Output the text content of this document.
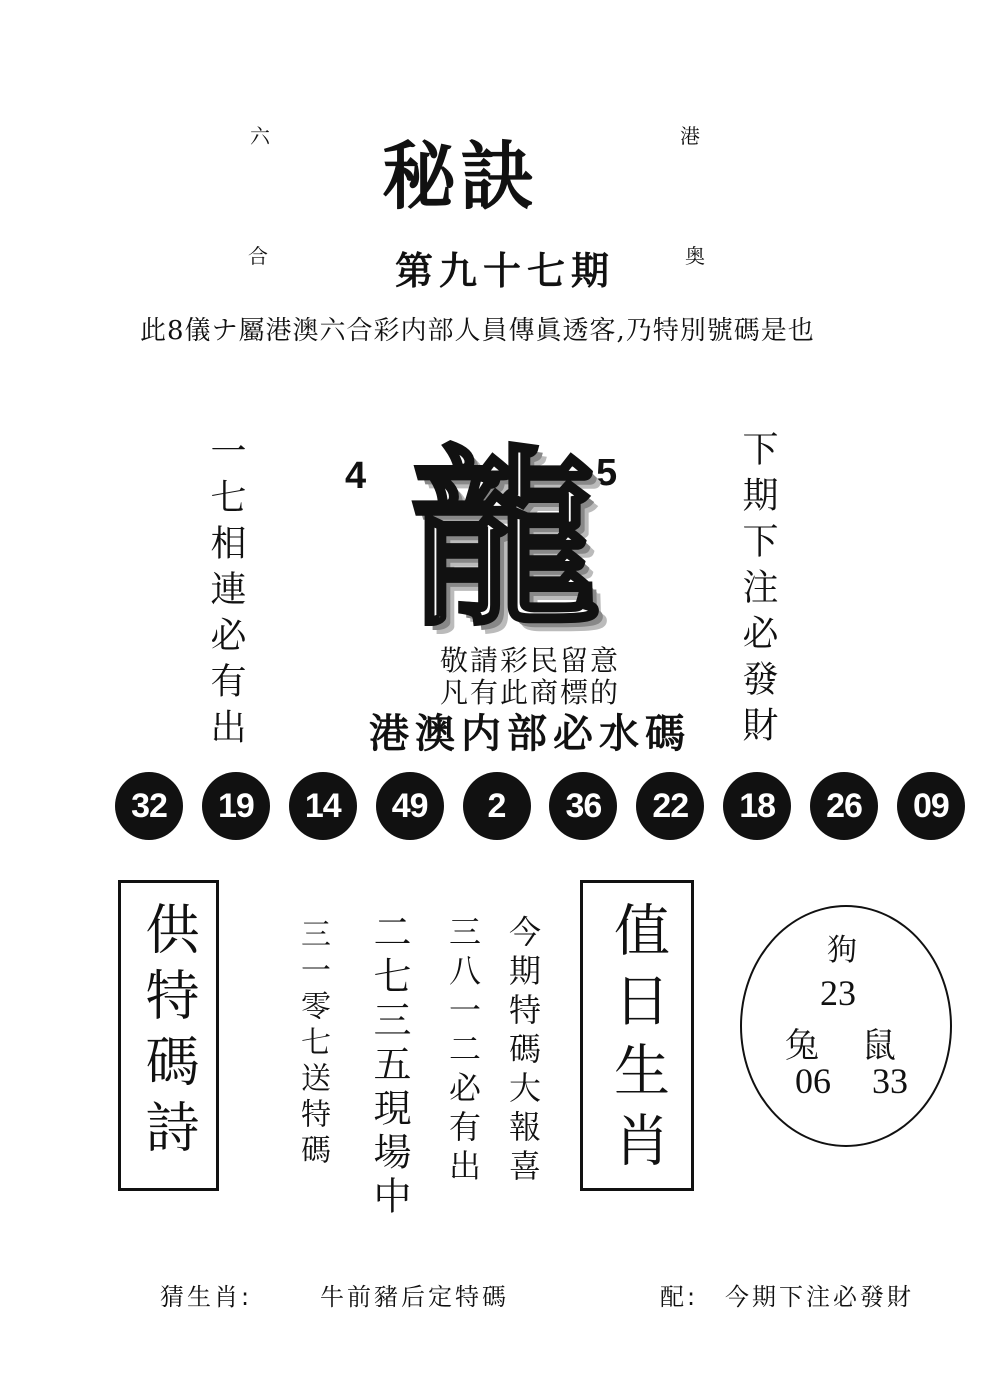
六	港
合	奥
秘訣
第九十七期
此8儀ナ屬港澳六合彩内部人員傳眞透客,乃特別號碼是也
一七相連必有出	下期下注必發財
4	5
龍
敬請彩民留意
凡有此商標的
港澳内部必水碼
32	19	14	49	2	36	22	18	26	09
供特碼詩	三一零七送特碼 二七三五現場中 三八一二必有出 今期特碼大報喜	值日生肖	狗
23
兔 鼠
06 33
猜生肖:	牛前豬后定特碼	配: 今期下注必發財
